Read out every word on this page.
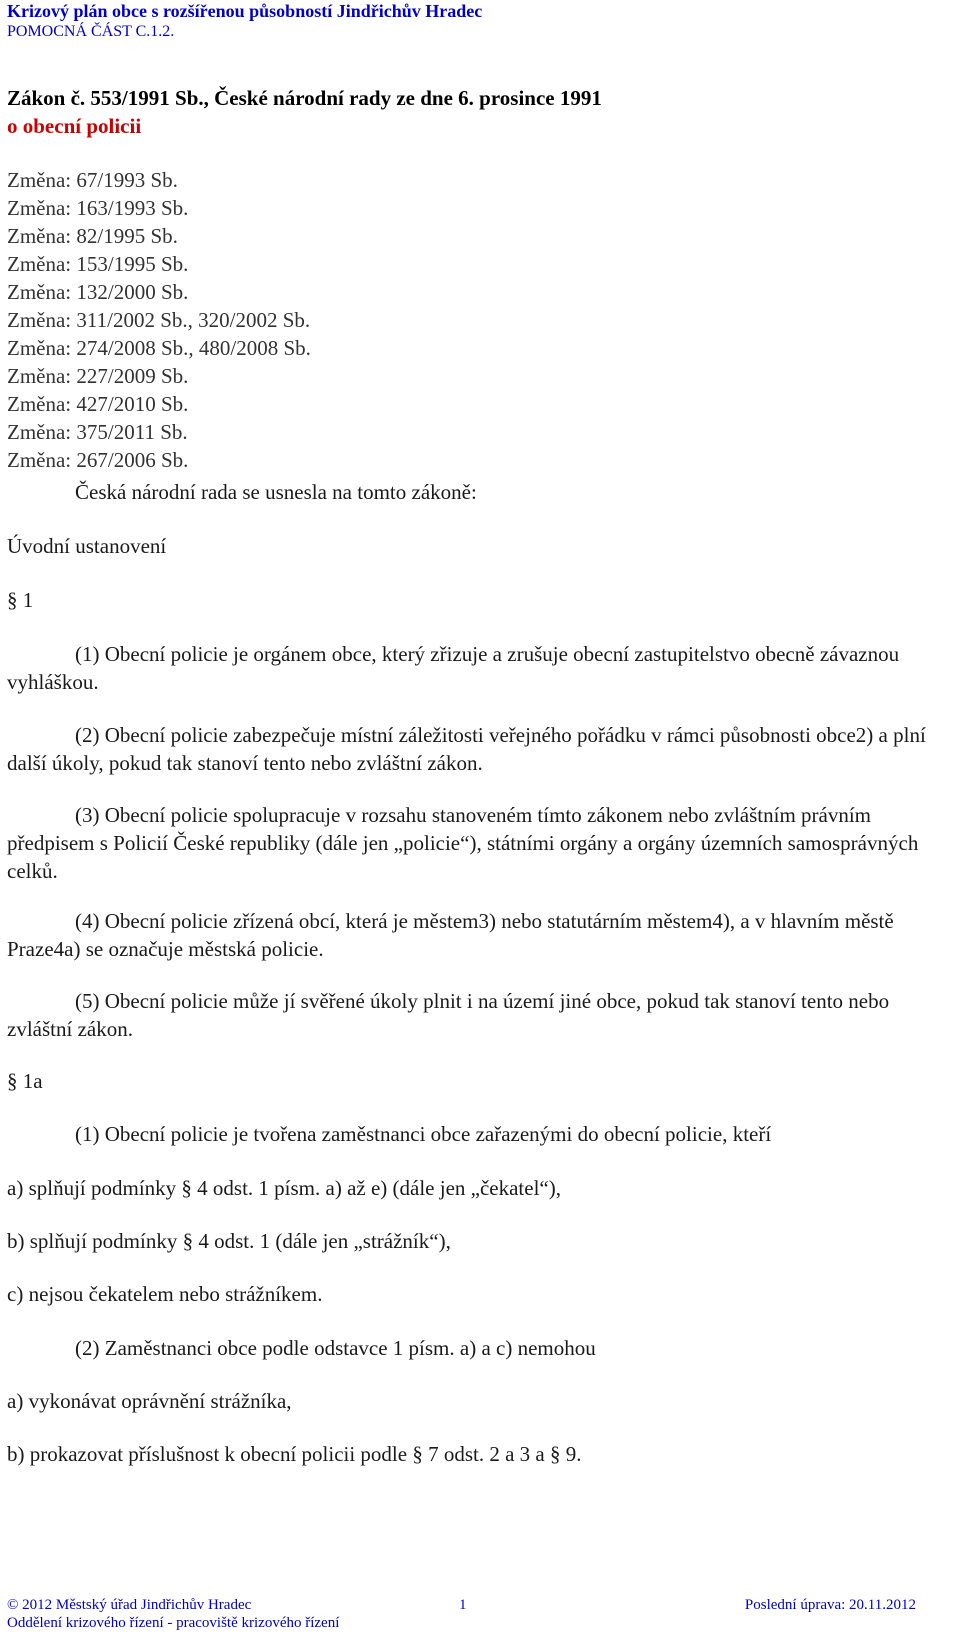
Krizový plán obce s rozšířenou působností Jindřichův Hradec
POMOCNÁ ČÁST C.1.2.
Zákon č. 553/1991 Sb., České národní rady ze dne 6. prosince 1991
o obecní policii
Změna: 67/1993 Sb.
Změna: 163/1993 Sb.
Změna: 82/1995 Sb.
Změna: 153/1995 Sb.
Změna: 132/2000 Sb.
Změna: 311/2002 Sb., 320/2002 Sb.
Změna: 274/2008 Sb., 480/2008 Sb.
Změna: 227/2009 Sb.
Změna: 427/2010 Sb.
Změna: 375/2011 Sb.
Změna: 267/2006 Sb.
Česká národní rada se usnesla na tomto zákoně:
Úvodní ustanovení
§ 1
(1) Obecní policie je orgánem obce, který zřizuje a zrušuje obecní zastupitelstvo obecně závaznou vyhláškou.
(2) Obecní policie zabezpečuje místní záležitosti veřejného pořádku v rámci působnosti obce2) a plní další úkoly, pokud tak stanoví tento nebo zvláštní zákon.
(3) Obecní policie spolupracuje v rozsahu stanoveném tímto zákonem nebo zvláštním právním předpisem s Policií České republiky (dále jen „policie“), státními orgány a orgány územních samosprávných celků.
(4) Obecní policie zřízená obcí, která je městem3) nebo statutárním městem4), a v hlavním městě Praze4a) se označuje městská policie.
(5) Obecní policie může jí svěřené úkoly plnit i na území jiné obce, pokud tak stanoví tento nebo zvláštní zákon.
§ 1a
(1) Obecní policie je tvořena zaměstnanci obce zařazenými do obecní policie, kteří
a) splňují podmínky § 4 odst. 1 písm. a) až e) (dále jen „čekatel“),
b) splňují podmínky § 4 odst. 1 (dále jen „strážník“),
c) nejsou čekatelem nebo strážníkem.
(2) Zaměstnanci obce podle odstavce 1 písm. a) a c) nemohou
a) vykonávat oprávnění strážníka,
b) prokazovat příslušnost k obecní policii podle § 7 odst. 2 a 3 a § 9.
© 2012 Městský úřad Jindřichův Hradec	1	Poslední úprava: 20.11.2012
Oddělení krizového řízení - pracoviště krizového řízení
